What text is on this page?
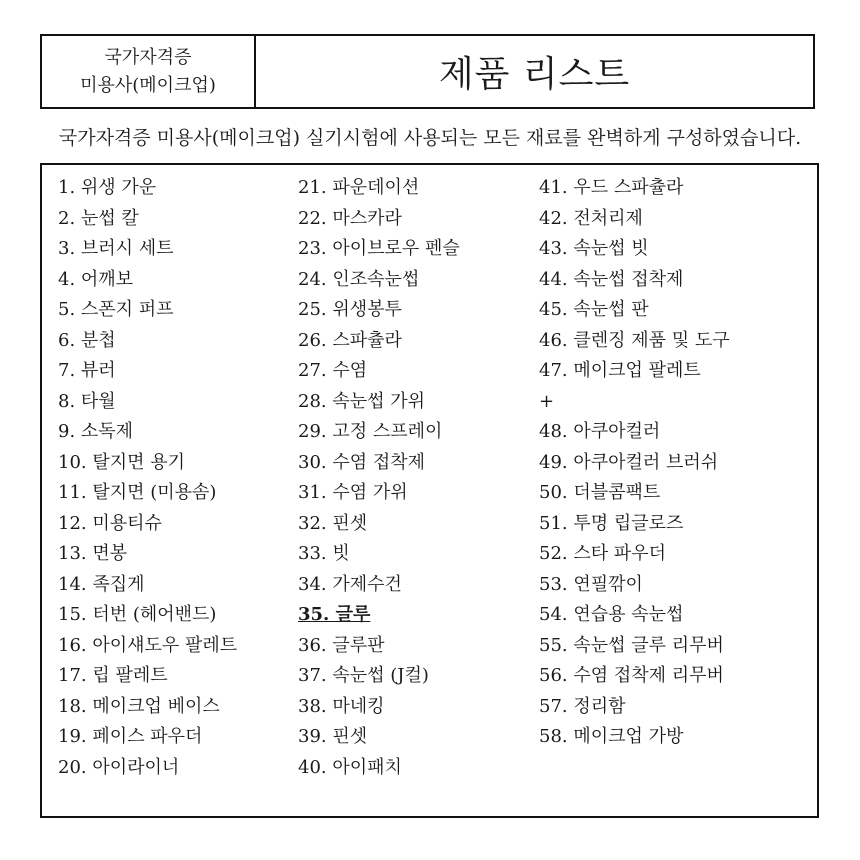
국가자격증
미용사(메이크업)	제품 리스트
국가자격증 미용사(메이크업) 실기시험에 사용되는 모든 재료를 완벽하게 구성하였습니다.
1. 위생 가운
2. 눈썹 칼
3. 브러시 세트
4. 어깨보
5. 스폰지 퍼프
6. 분첩
7. 뷰러
8. 타월
9. 소독제
10. 탈지면 용기
11. 탈지면 (미용솜)
12. 미용티슈
13. 면봉
14. 족집게
15. 터번 (헤어밴드)
16. 아이섀도우 팔레트
17. 립 팔레트
18. 메이크업 베이스
19. 페이스 파우더
20. 아이라이너
21. 파운데이션
22. 마스카라
23. 아이브로우 펜슬
24. 인조속눈썹
25. 위생봉투
26. 스파츌라
27. 수염
28. 속눈썹 가위
29. 고정 스프레이
30. 수염 접착제
31. 수염 가위
32. 핀셋
33. 빗
34. 가제수건
35. 글루
36. 글루판
37. 속눈썹 (J컬)
38. 마네킹
39. 핀셋
40. 아이패치
41. 우드 스파츌라
42. 전처리제
43. 속눈썹 빗
44. 속눈썹 접착제
45. 속눈썹 판
46. 클렌징 제품 및 도구
47. 메이크업 팔레트
+
48. 아쿠아컬러
49. 아쿠아컬러 브러쉬
50. 더블콤팩트
51. 투명 립글로즈
52. 스타 파우더
53. 연필깎이
54. 연습용 속눈썹
55. 속눈썹 글루 리무버
56. 수염 접착제 리무버
57. 정리함
58. 메이크업 가방
